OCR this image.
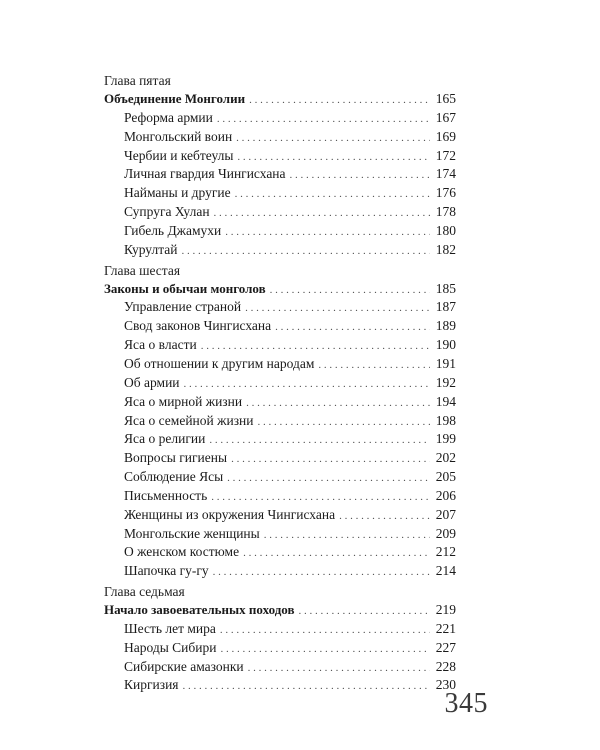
Глава пятая
Объединение Монголии . . .	165
Реформа армии . . .	167
Монгольский воин . . .	169
Чербии и кебтеулы . . .	172
Личная гвардия Чингисхана . . .	174
Найманы и другие . . .	176
Супруга Хулан . . .	178
Гибель Джамухи . . .	180
Курултай . . .	182
Глава шестая
Законы и обычаи монголов . . .	185
Управление страной . . .	187
Свод законов Чингисхана . . .	189
Яса о власти . . .	190
Об отношении к другим народам . . .	191
Об армии . . .	192
Яса о мирной жизни . . .	194
Яса о семейной жизни . . .	198
Яса о религии . . .	199
Вопросы гигиены . . .	202
Соблюдение Ясы . . .	205
Письменность . . .	206
Женщины из окружения Чингисхана . . .	207
Монгольские женщины . . .	209
О женском костюме . . .	212
Шапочка гу-гу . . .	214
Глава седьмая
Начало завоевательных походов . . .	219
Шесть лет мира . . .	221
Народы Сибири . . .	227
Сибирские амазонки . . .	228
Киргизия . . .	230
345
